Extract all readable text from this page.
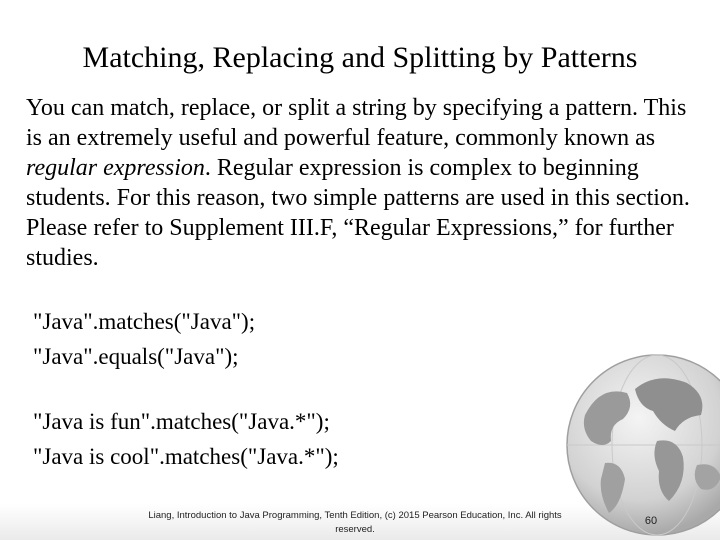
Matching, Replacing and Splitting by Patterns

You can match, replace, or split a string by specifying a pattern. This is an extremely useful and powerful feature, commonly known as regular expression. Regular expression is complex to beginning students. For this reason, two simple patterns are used in this section. Please refer to Supplement III.F, “Regular Expressions,” for further studies.

"Java".matches("Java");
"Java".equals("Java");
"Java is fun".matches("Java.*");
"Java is cool".matches("Java.*");
Liang, Introduction to Java Programming, Tenth Edition, (c) 2015 Pearson Education, Inc. All rights reserved.
60
